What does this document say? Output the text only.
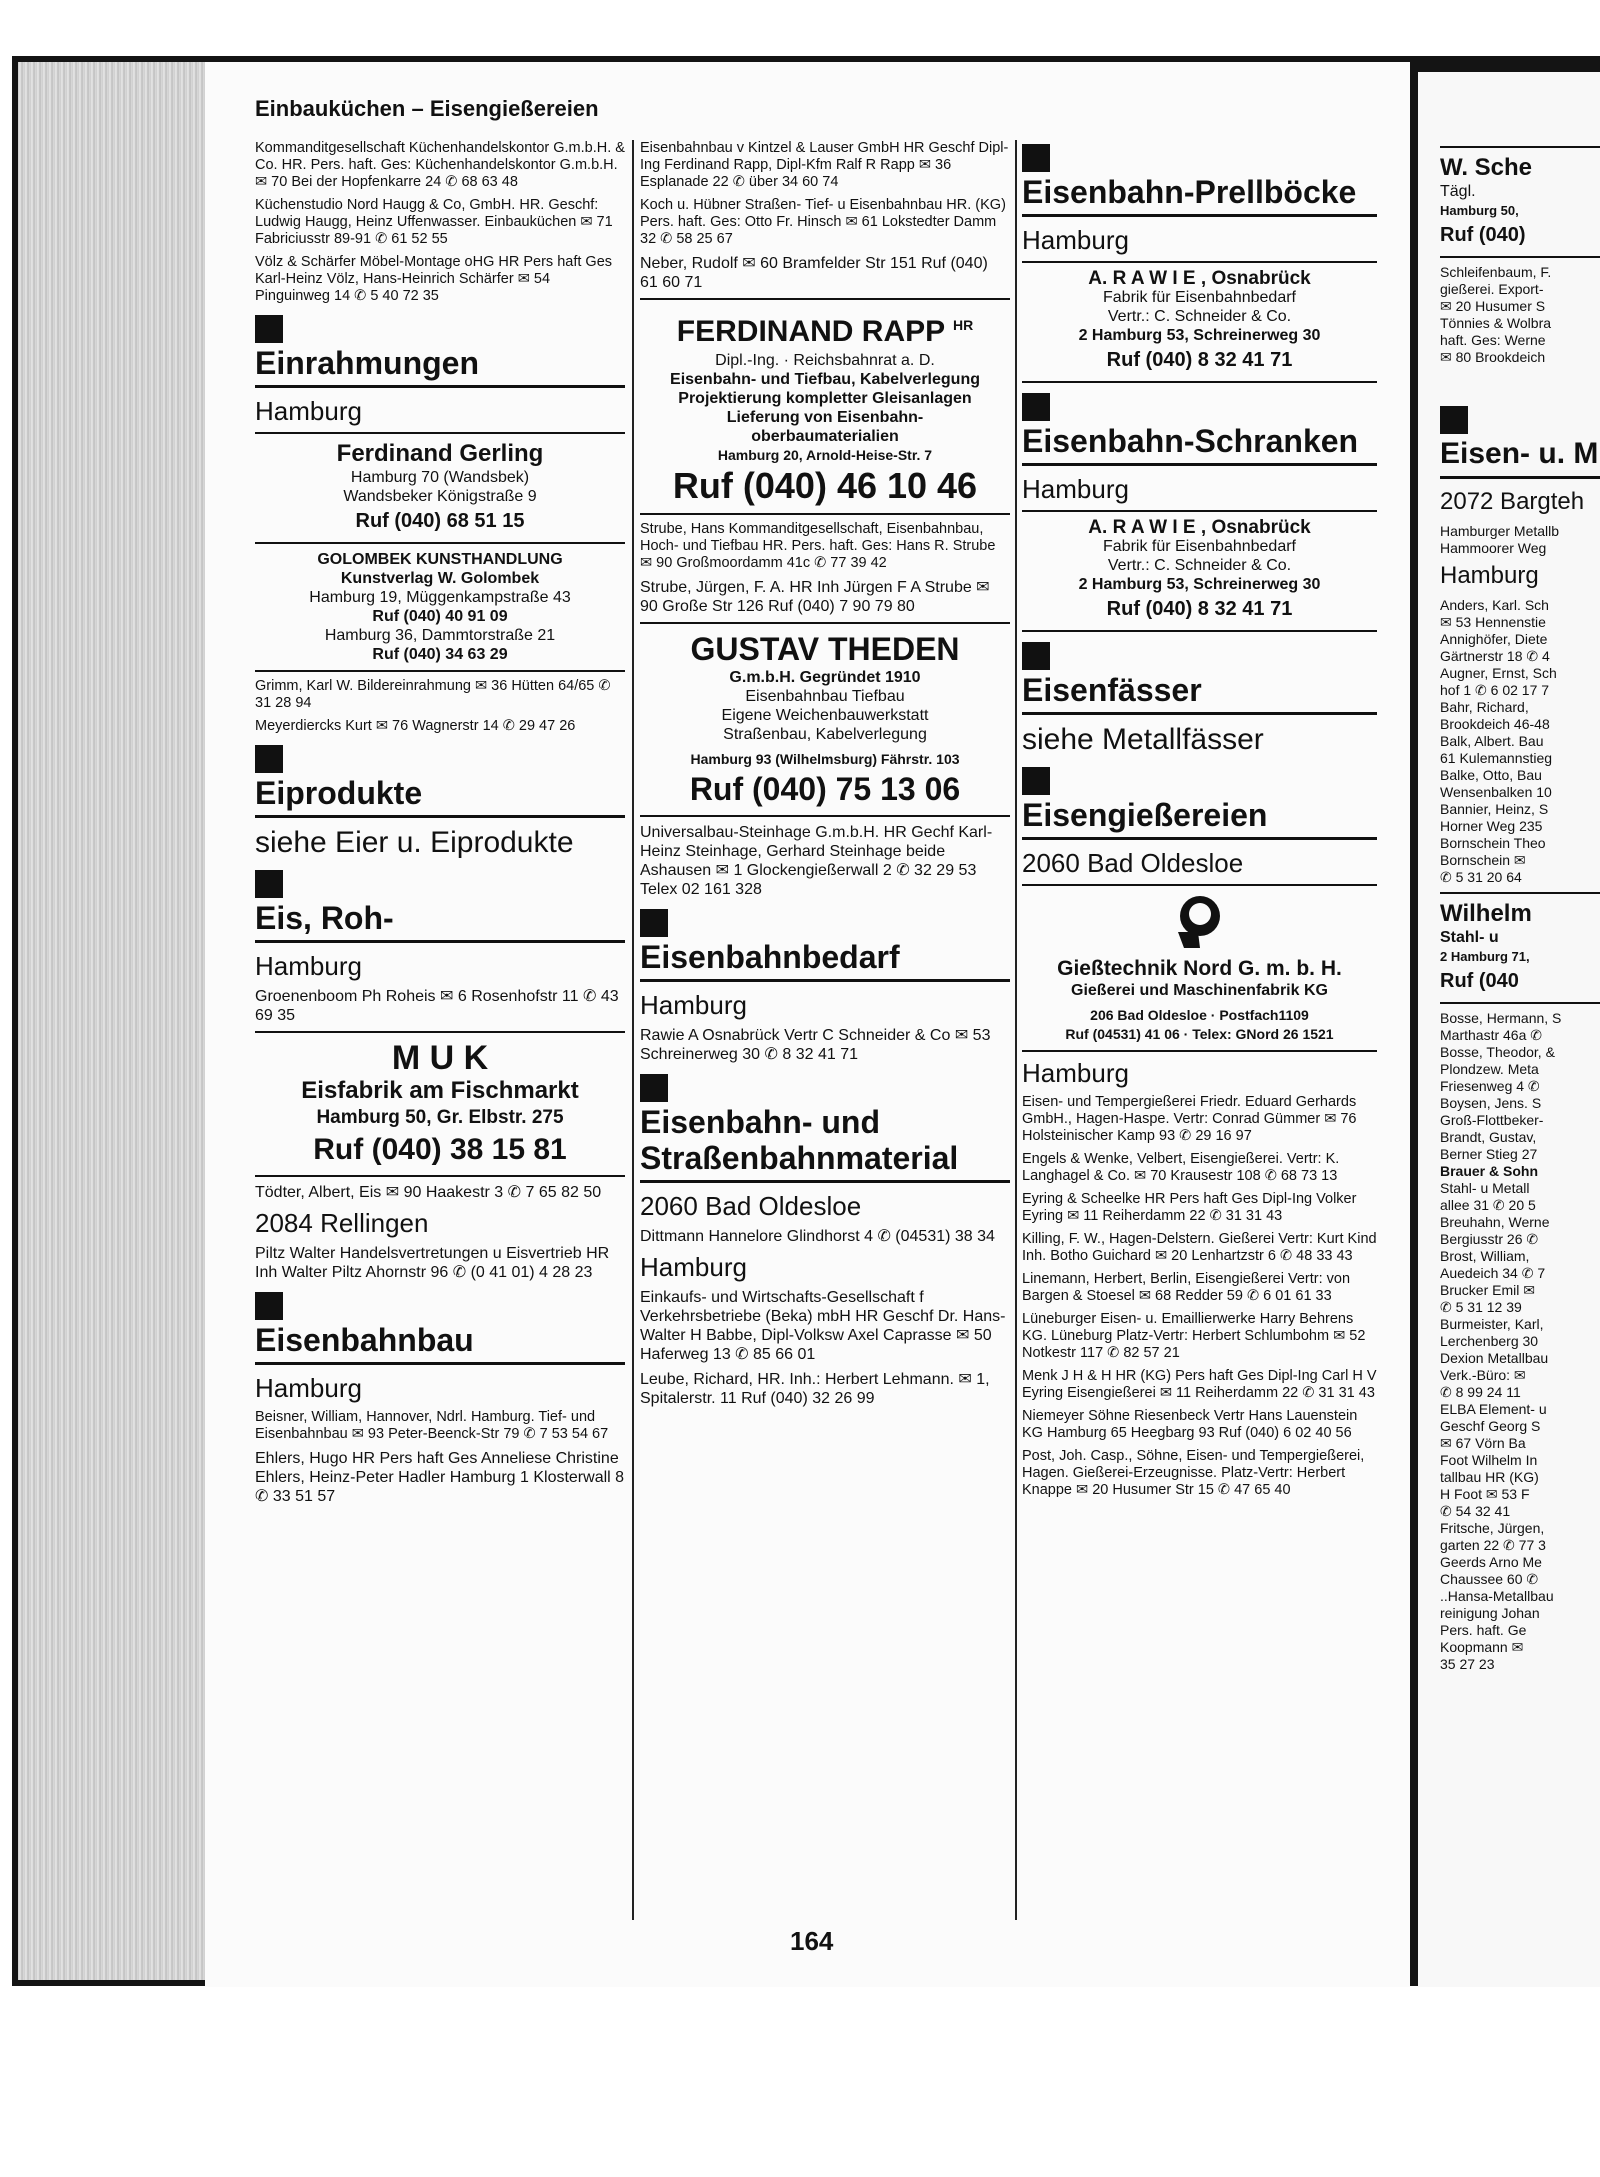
Einbauküchen – Eisengießereien
Kommanditgesellschaft Küchenhandelskontor G.m.b.H. & Co. HR. Pers. haft. Ges: Küchenhandelskontor G.m.b.H. ✉ 70 Bei der Hopfenkarre 24 ✆ 68 63 48
Küchenstudio Nord Haugg & Co, GmbH. HR. Geschf: Ludwig Haugg, Heinz Uffenwasser. Einbauküchen ✉ 71 Fabriciusstr 89-91 ✆ 61 52 55
Völz & Schärfer Möbel-Montage oHG HR Pers haft Ges Karl-Heinz Völz, Hans-Heinrich Schärfer ✉ 54 Pinguinweg 14 ✆ 5 40 72 35
Einrahmungen
Hamburg
Ferdinand Gerling
Hamburg 70 (Wandsbek)
Wandsbeker Königstraße 9
Ruf (040) 68 51 15
GOLOMBEK KUNSTHANDLUNG
Kunstverlag W. Golombek
Hamburg 19, Müggenkampstraße 43
Ruf (040) 40 91 09
Hamburg 36, Dammtorstraße 21
Ruf (040) 34 63 29
Grimm, Karl W. Bildereinrahmung ✉ 36 Hütten 64/65 ✆ 31 28 94
Meyerdiercks Kurt ✉ 76 Wagnerstr 14 ✆ 29 47 26
Eiprodukte
siehe Eier u. Eiprodukte
Eis, Roh-
Hamburg
Groenenboom Ph Roheis ✉ 6 Rosenhofstr 11 ✆ 43 69 35
M U K
Eisfabrik am Fischmarkt
Hamburg 50, Gr. Elbstr. 275
Ruf (040) 38 15 81
Tödter, Albert, Eis ✉ 90 Haakestr 3 ✆ 7 65 82 50
2084 Rellingen
Piltz Walter Handelsvertretungen u Eisvertrieb HR Inh Walter Piltz Ahornstr 96 ✆ (0 41 01) 4 28 23
Eisenbahnbau
Hamburg
Beisner, William, Hannover, Ndrl. Hamburg. Tief- und Eisenbahnbau ✉ 93 Peter-Beenck-Str 79 ✆ 7 53 54 67
Ehlers, Hugo HR Pers haft Ges Anneliese Christine Ehlers, Heinz-Peter Hadler Hamburg 1 Klosterwall 8 ✆ 33 51 57
Eisenbahnbau v Kintzel & Lauser GmbH HR Geschf Dipl-Ing Ferdinand Rapp, Dipl-Kfm Ralf R Rapp ✉ 36 Esplanade 22 ✆ über 34 60 74
Koch u. Hübner Straßen- Tief- u Eisenbahnbau HR. (KG) Pers. haft. Ges: Otto Fr. Hinsch ✉ 61 Lokstedter Damm 32 ✆ 58 25 67
Neber, Rudolf ✉ 60 Bramfelder Str 151 Ruf (040) 61 60 71
FERDINAND RAPP $^{HR}$
Dipl.-Ing. · Reichsbahnrat a. D.
Eisenbahn- und Tiefbau, Kabelverlegung
Projektierung kompletter Gleisanlagen
Lieferung von Eisenbahn-
oberbaumaterialien
Hamburg 20, Arnold-Heise-Str. 7
Ruf (040) 46 10 46
Strube, Hans Kommanditgesellschaft, Eisenbahnbau, Hoch- und Tiefbau HR. Pers. haft. Ges: Hans R. Strube ✉ 90 Großmoordamm 41c ✆ 77 39 42
Strube, Jürgen, F. A. HR Inh Jürgen F A Strube ✉ 90 Große Str 126 Ruf (040) 7 90 79 80
GUSTAV THEDEN
G.m.b.H. Gegründet 1910
Eisenbahnbau Tiefbau
Eigene Weichenbauwerkstatt
Straßenbau, Kabelverlegung
Hamburg 93 (Wilhelmsburg) Fährstr. 103
Ruf (040) 75 13 06
Universalbau-Steinhage G.m.b.H. HR Gechf Karl-Heinz Steinhage, Gerhard Steinhage beide Ashausen ✉ 1 Glockengießerwall 2 ✆ 32 29 53 Telex 02 161 328
Eisenbahnbedarf
Hamburg
Rawie A Osnabrück Vertr C Schneider & Co ✉ 53 Schreinerweg 30 ✆ 8 32 41 71
Eisenbahn- und
Straßenbahnmaterial
2060 Bad Oldesloe
Dittmann Hannelore Glindhorst 4 ✆ (04531) 38 34
Hamburg
Einkaufs- und Wirtschafts-Gesellschaft f Verkehrsbetriebe (Beka) mbH HR Geschf Dr. Hans-Walter H Babbe, Dipl-Volksw Axel Caprasse ✉ 50 Haferweg 13 ✆ 85 66 01
Leube, Richard, HR. Inh.: Herbert Lehmann. ✉ 1, Spitalerstr. 11 Ruf (040) 32 26 99
Eisenbahn-Prellböcke
Hamburg
A. R A W I E , Osnabrück
Fabrik für Eisenbahnbedarf
Vertr.: C. Schneider & Co.
2 Hamburg 53, Schreinerweg 30
Ruf (040) 8 32 41 71
Eisenbahn-Schranken
Hamburg
A. R A W I E , Osnabrück
Fabrik für Eisenbahnbedarf
Vertr.: C. Schneider & Co.
2 Hamburg 53, Schreinerweg 30
Ruf (040) 8 32 41 71
Eisenfässer
siehe Metallfässer
Eisengießereien
2060 Bad Oldesloe
Gießtechnik Nord G. m. b. H.
Gießerei und Maschinenfabrik KG
206 Bad Oldesloe · Postfach1109
Ruf (04531) 41 06 · Telex: GNord 26 1521
Hamburg
Eisen- und Tempergießerei Friedr. Eduard Gerhards GmbH., Hagen-Haspe. Vertr: Conrad Gümmer ✉ 76 Holsteinischer Kamp 93 ✆ 29 16 97
Engels & Wenke, Velbert, Eisengießerei. Vertr: K. Langhagel & Co. ✉ 70 Krausestr 108 ✆ 68 73 13
Eyring & Scheelke HR Pers haft Ges Dipl-Ing Volker Eyring ✉ 11 Reiherdamm 22 ✆ 31 31 43
Killing, F. W., Hagen-Delstern. Gießerei Vertr: Kurt Kind Inh. Botho Guichard ✉ 20 Lenhartzstr 6 ✆ 48 33 43
Linemann, Herbert, Berlin, Eisengießerei Vertr: von Bargen & Stoesel ✉ 68 Redder 59 ✆ 6 01 61 33
Lüneburger Eisen- u. Emaillierwerke Harry Behrens KG. Lüneburg Platz-Vertr: Herbert Schlumbohm ✉ 52 Notkestr 117 ✆ 82 57 21
Menk J H & H HR (KG) Pers haft Ges Dipl-Ing Carl H V Eyring Eisengießerei ✉ 11 Reiherdamm 22 ✆ 31 31 43
Niemeyer Söhne Riesenbeck Vertr Hans Lauenstein KG Hamburg 65 Heegbarg 93 Ruf (040) 6 02 40 56
Post, Joh. Casp., Söhne, Eisen- und Tempergießerei, Hagen. Gießerei-Erzeugnisse. Platz-Vertr: Herbert Knappe ✉ 20 Husumer Str 15 ✆ 47 65 40
W. Sche
Tägl.
Hamburg 50,
Ruf (040)
Schleifenbaum, F.
gießerei. Export-
✉ 20 Husumer S
Tönnies & Wolbra
haft. Ges: Werne
✉ 80 Brookdeich
Eisen- u. M
2072 Bargteh
Hamburger Metallb
Hammoorer Weg
Hamburg
Anders, Karl. Sch
✉ 53 Hennenstie
Annighöfer, Diete
Gärtnerstr 18 ✆ 4
Augner, Ernst, Sch
hof 1 ✆ 6 02 17 7
Bahr, Richard,
Brookdeich 46-48
Balk, Albert. Bau
61 Kulemannstieg
Balke, Otto, Bau
Wensenbalken 10
Bannier, Heinz, S
Horner Weg 235
Bornschein Theo
Bornschein ✉
✆ 5 31 20 64
Wilhelm
Stahl- u
2 Hamburg 71,
Ruf (040
Bosse, Hermann, S
Marthastr 46a ✆
Bosse, Theodor, &
Plondzew. Meta
Friesenweg 4 ✆
Boysen, Jens. S
Groß-Flottbeker-
Brandt, Gustav,
Berner Stieg 27
Brauer & Sohn
Stahl- u Metall
allee 31 ✆ 20 5
Breuhahn, Werne
Bergiusstr 26 ✆
Brost, William,
Auedeich 34 ✆ 7
Brucker Emil ✉
✆ 5 31 12 39
Burmeister, Karl,
Lerchenberg 30
Dexion Metallbau
Verk.-Büro: ✉
✆ 8 99 24 11
ELBA Element- u
Geschf Georg S
✉ 67 Vörn Ba
Foot Wilhelm In
tallbau HR (KG)
H Foot ✉ 53 F
✆ 54 32 41
Fritsche, Jürgen,
garten 22 ✆ 77 3
Geerds Arno Me
Chaussee 60 ✆
..Hansa-Metallbau
reinigung Johan
Pers. haft. Ge
Koopmann ✉
35 27 23
164
